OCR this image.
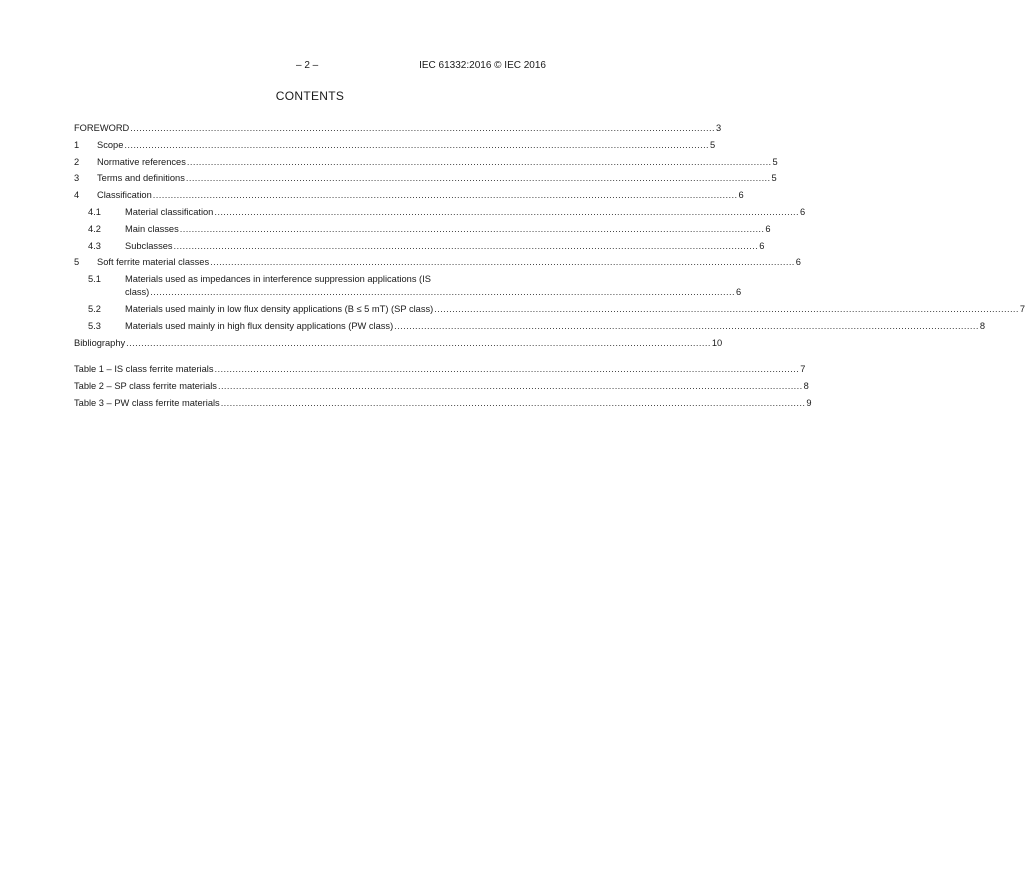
– 2 –	IEC 61332:2016 © IEC 2016
CONTENTS
FOREWORD .................................................................................................................................................................................................... 3
1	Scope .................................................................................................................................................................................................... 5
2	Normative references .................................................................................................................................................................................................... 5
3	Terms and definitions .................................................................................................................................................................................................... 5
4	Classification .................................................................................................................................................................................................... 6
4.1	Material classification .................................................................................................................................................................................................... 6
4.2	Main classes .................................................................................................................................................................................................... 6
4.3	Subclasses .................................................................................................................................................................................................... 6
5	Soft ferrite material classes .................................................................................................................................................................................................... 6
5.1	Materials used as impedances in interference suppression applications (IS
class) .................................................................................................................................................................................................... 6
5.2	Materials used mainly in low flux density applications (B ≤ 5 mT) (SP class) .................................................................................................................................................................................................... 7
5.3	Materials used mainly in high flux density applications (PW class) .................................................................................................................................................................................................... 8
Bibliography .................................................................................................................................................................................................... 10
Table 1 – IS class ferrite materials .................................................................................................................................................................................................... 7
Table 2 – SP class ferrite materials .................................................................................................................................................................................................... 8
Table 3 – PW class ferrite materials .................................................................................................................................................................................................... 9
